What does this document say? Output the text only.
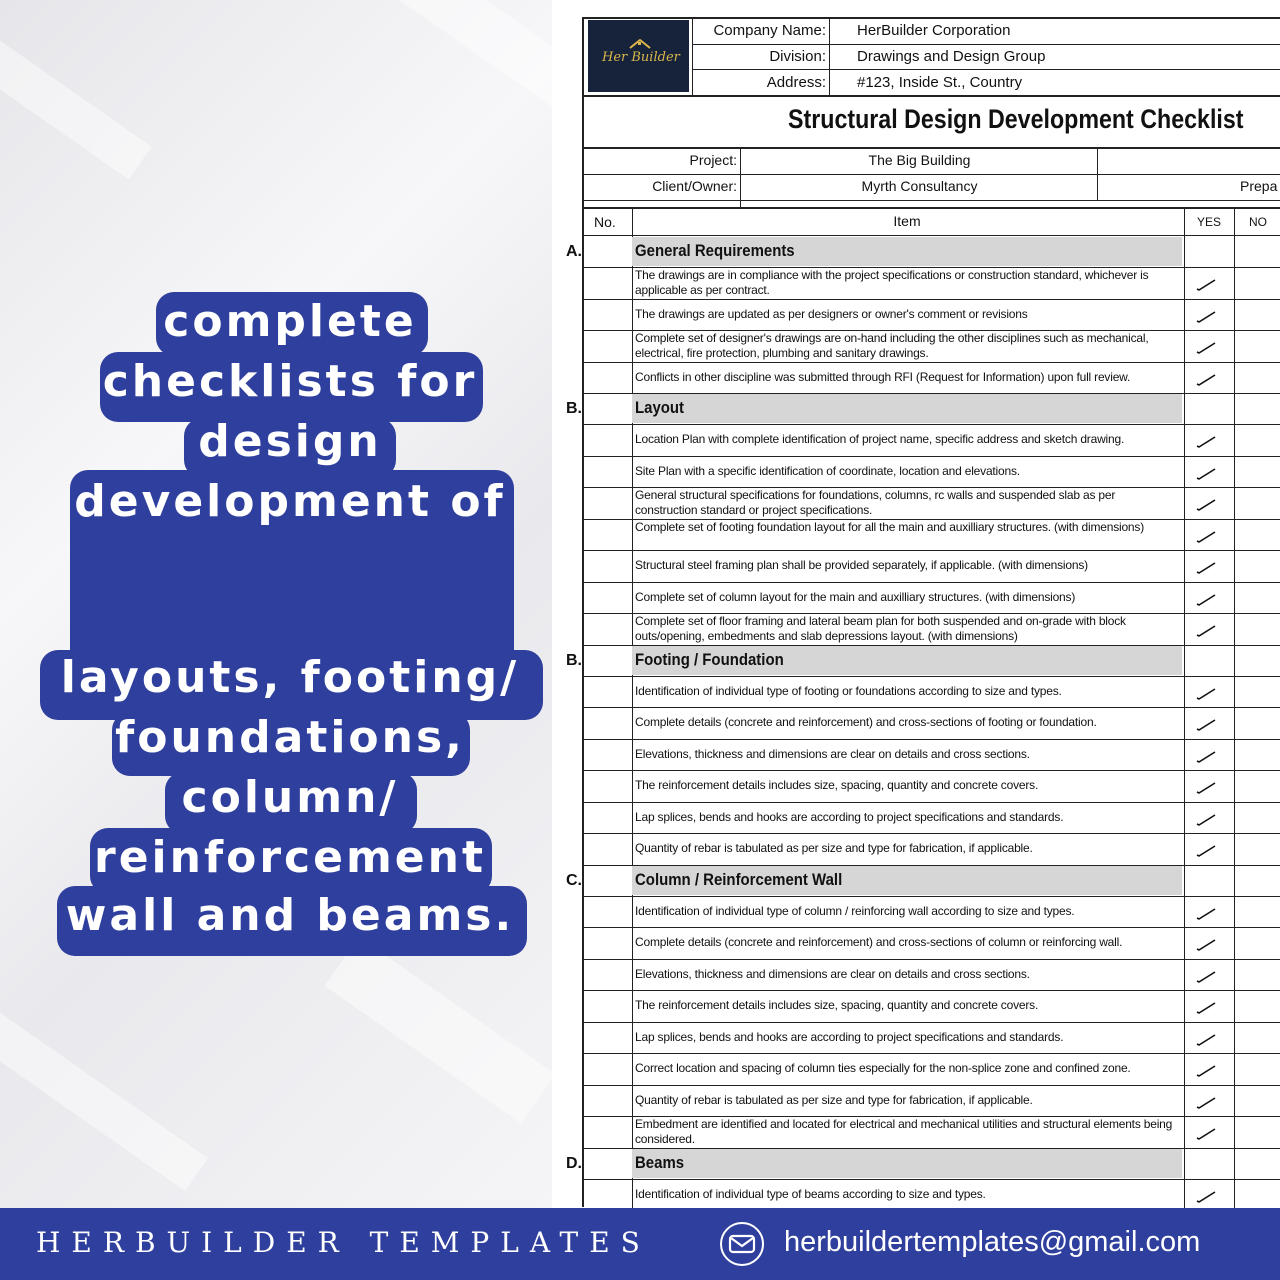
complete
checklists for
design
development of
layouts, footing/
foundations,
column/
reinforcement
wall and beams.
Her Builder
Company Name: HerBuilder Corporation
Division: Drawings and Design Group
Address: #123, Inside St., Country
Structural Design Development Checklist
Project:	The Big Building
Client/Owner:	Myrth Consultancy	Prepa
No.	Item	YES	NO
A.	General Requirements
The drawings are in compliance with the project specifications or construction standard, whichever is applicable as per contract.
The drawings are updated as per designers or owner's comment or revisions
Complete set of designer's drawings are on-hand including the other disciplines such as mechanical, electrical, fire protection, plumbing and sanitary drawings.
Conflicts in other discipline was submitted through RFI (Request for Information) upon full review.
B.	Layout
Location Plan with complete identification of project name, specific address and sketch drawing.
Site Plan with a specific identification of coordinate, location and elevations.
General structural specifications for foundations, columns, rc walls and suspended slab as per construction standard or project specifications.
Complete set of footing foundation layout for all the main and auxilliary structures. (with dimensions)
Structural steel framing plan shall be provided separately, if applicable. (with dimensions)
Complete set of column layout for the main and auxilliary structures. (with dimensions)
Complete set of floor framing and lateral beam plan for both suspended and on-grade with block outs/opening, embedments and slab depressions layout. (with dimensions)
B.	Footing / Foundation
Identification of individual type of footing or foundations according to size and types.
Complete details (concrete and reinforcement) and cross-sections of footing or foundation.
Elevations, thickness and dimensions are clear on details and cross sections.
The reinforcement details includes size, spacing, quantity and concrete covers.
Lap splices, bends and hooks are according to project specifications and standards.
Quantity of rebar is tabulated as per size and type for fabrication, if applicable.
C.	Column / Reinforcement Wall
Identification of individual type of column / reinforcing wall according to size and types.
Complete details (concrete and reinforcement) and cross-sections of column or reinforcing wall.
Elevations, thickness and dimensions are clear on details and cross sections.
The reinforcement details includes size, spacing, quantity and concrete covers.
Lap splices, bends and hooks are according to project specifications and standards.
Correct location and spacing of column ties especially for the non-splice zone and confined zone.
Quantity of rebar is tabulated as per size and type for fabrication, if applicable.
Embedment are identified and located for electrical and mechanical utilities and structural elements being considered.
D.	Beams
Identification of individual type of beams according to size and types.
HERBUILDER TEMPLATES	herbuildertemplates@gmail.com
